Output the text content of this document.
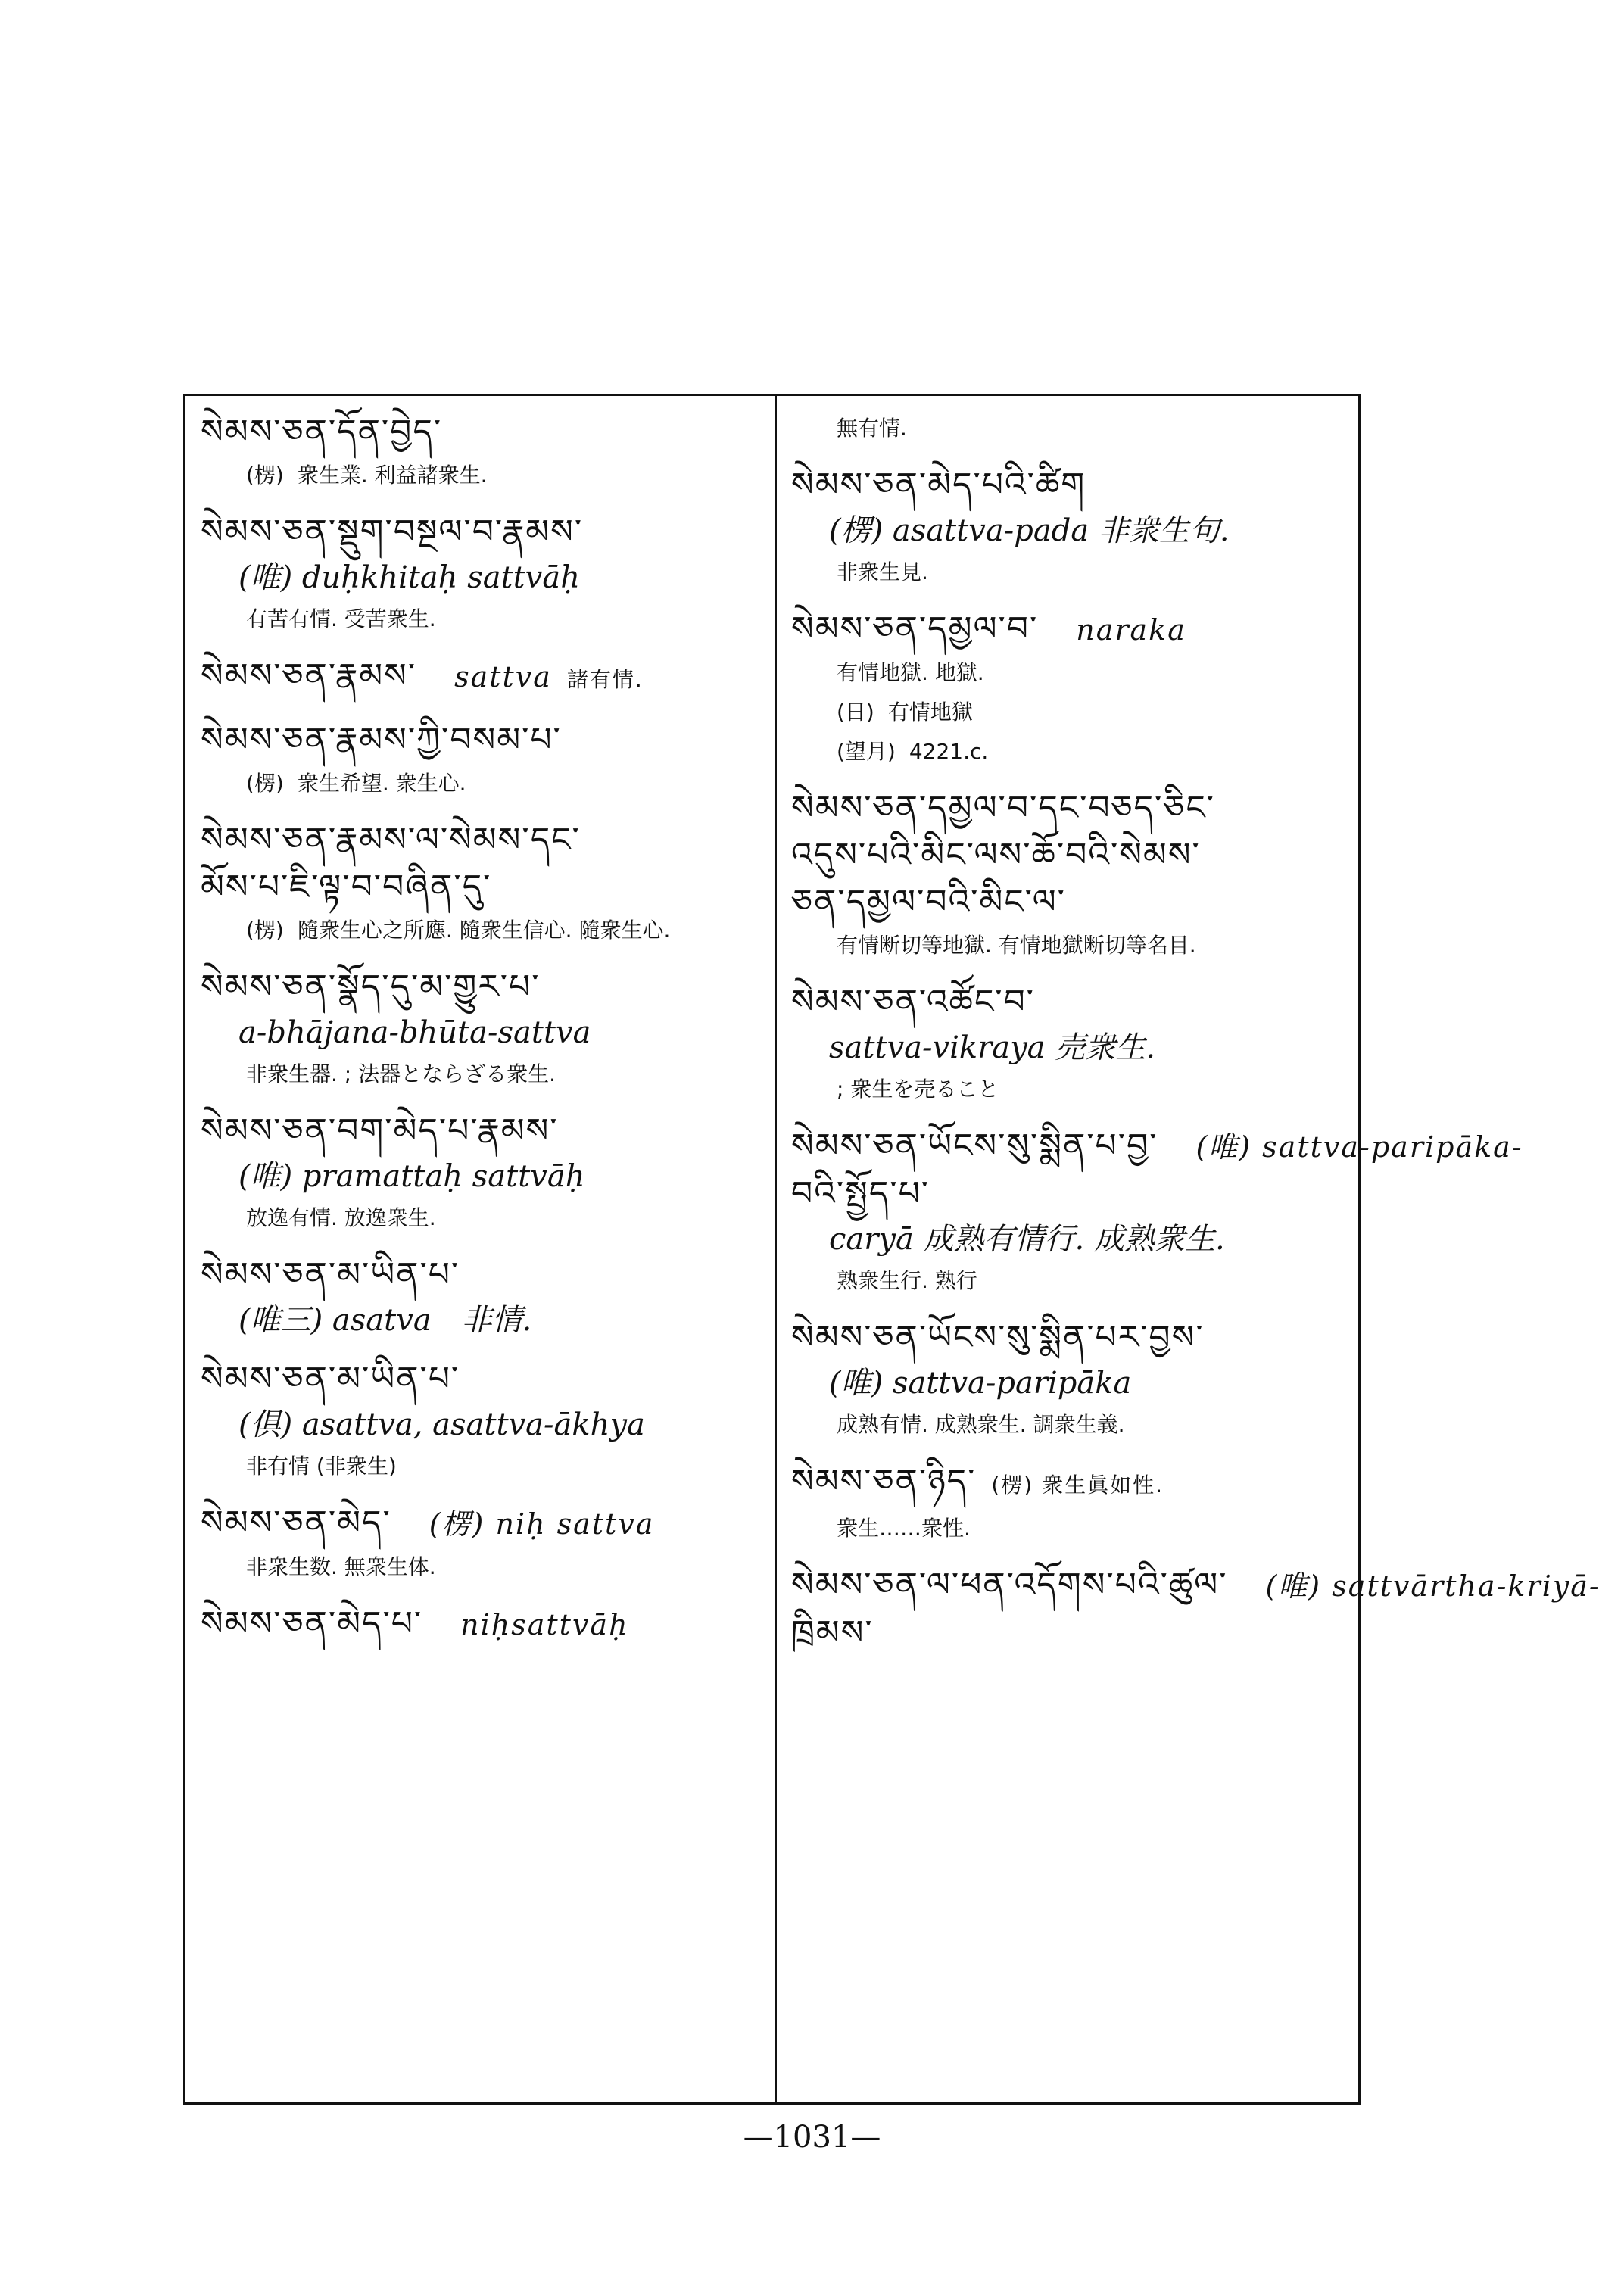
སེམས་ཅན་དོན་བྱེད་
(楞) 衆生業. 利益諸衆生.
སེམས་ཅན་སྡུག་བསྔལ་བ་རྣམས་
(唯) duḥkhitaḥ sattvāḥ
有苦有情. 受苦衆生.
སེམས་ཅན་རྣམས་ sattva 諸有情.
སེམས་ཅན་རྣམས་ཀྱི་བསམ་པ་
(楞) 衆生希望. 衆生心.
སེམས་ཅན་རྣམས་ལ་སེམས་དང་
མོས་པ་ཇི་ལྟ་བ་བཞིན་དུ་
(楞) 隨衆生心之所應. 隨衆生信心. 隨衆生心.
སེམས་ཅན་སྣོད་དུ་མ་གྱུར་པ་
a-bhājana-bhūta-sattva
非衆生器. ; 法器とならざる衆生.
སེམས་ཅན་བག་མེད་པ་རྣམས་
(唯) pramattaḥ sattvāḥ
放逸有情. 放逸衆生.
སེམས་ཅན་མ་ཡིན་པ་
(唯三) asatva　非情.
སེམས་ཅན་མ་ཡིན་པ་
(俱) asattva, asattva-ākhya
非有情 (非衆生)
སེམས་ཅན་མེད་ (楞) niḥ sattva
非衆生数. 無衆生体.
སེམས་ཅན་མེད་པ་ niḥsattvāḥ
無有情.
སེམས་ཅན་མེད་པའི་ཚིག
(楞) asattva-pada 非衆生句.
非衆生見.
སེམས་ཅན་དམྱལ་བ་ naraka
有情地獄. 地獄.
(日) 有情地獄
(望月) 4221.c.
སེམས་ཅན་དམྱལ་བ་དང་བཅད་ཅིང་
འདུས་པའི་མིང་ལས་ཆོ་བའི་སེམས་
ཅན་དམྱལ་བའི་མིང་ལ་
有情断切等地獄. 有情地獄断切等名目.
སེམས་ཅན་འཚོང་བ་
sattva-vikraya 売衆生.
; 衆生を売ること
སེམས་ཅན་ཡོངས་སུ་སྨིན་པ་བྱ་ (唯) sattva-paripāka-
བའི་སྤྱོད་པ་
caryā 成熟有情行. 成熟衆生.
熟衆生行. 熟行
སེམས་ཅན་ཡོངས་སུ་སྨིན་པར་བྱས་
(唯) sattva-paripāka
成熟有情. 成熟衆生. 調衆生義.
སེམས་ཅན་ཉིད་ (楞) 衆生眞如性.
衆生……衆性.
སེམས་ཅན་ལ་ཕན་འདོགས་པའི་ཚུལ་ (唯) sattvārtha-kriyā-
ཁྲིམས་
—1031—
